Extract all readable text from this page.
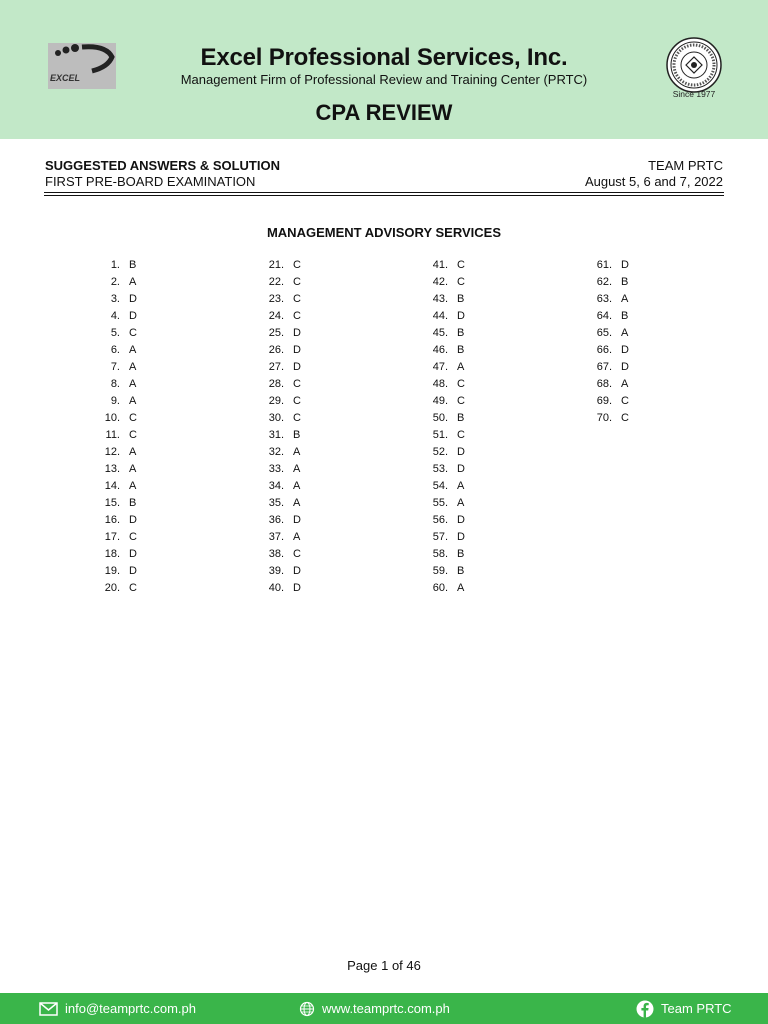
EXCEL
Excel Professional Services, Inc.
Management Firm of Professional Review and Training Center (PRTC)
CPA REVIEW
Since 1977
SUGGESTED ANSWERS & SOLUTION	TEAM PRTC
FIRST PRE-BOARD EXAMINATION	August 5, 6 and 7, 2022
MANAGEMENT ADVISORY SERVICES
1. B
2. A
3. D
4. D
5. C
6. A
7. A
8. A
9. A
10. C
11. C
12. A
13. A
14. A
15. B
16. D
17. C
18. D
19. D
20. C
21. C
22. C
23. C
24. C
25. D
26. D
27. D
28. C
29. C
30. C
31. B
32. A
33. A
34. A
35. A
36. D
37. A
38. C
39. D
40. D
41. C
42. C
43. B
44. D
45. B
46. B
47. A
48. C
49. C
50. B
51. C
52. D
53. D
54. A
55. A
56. D
57. D
58. B
59. B
60. A
61. D
62. B
63. A
64. B
65. A
66. D
67. D
68. A
69. C
70. C
Page 1 of 46
info@teamprtc.com.ph	www.teamprtc.com.ph	Team PRTC
